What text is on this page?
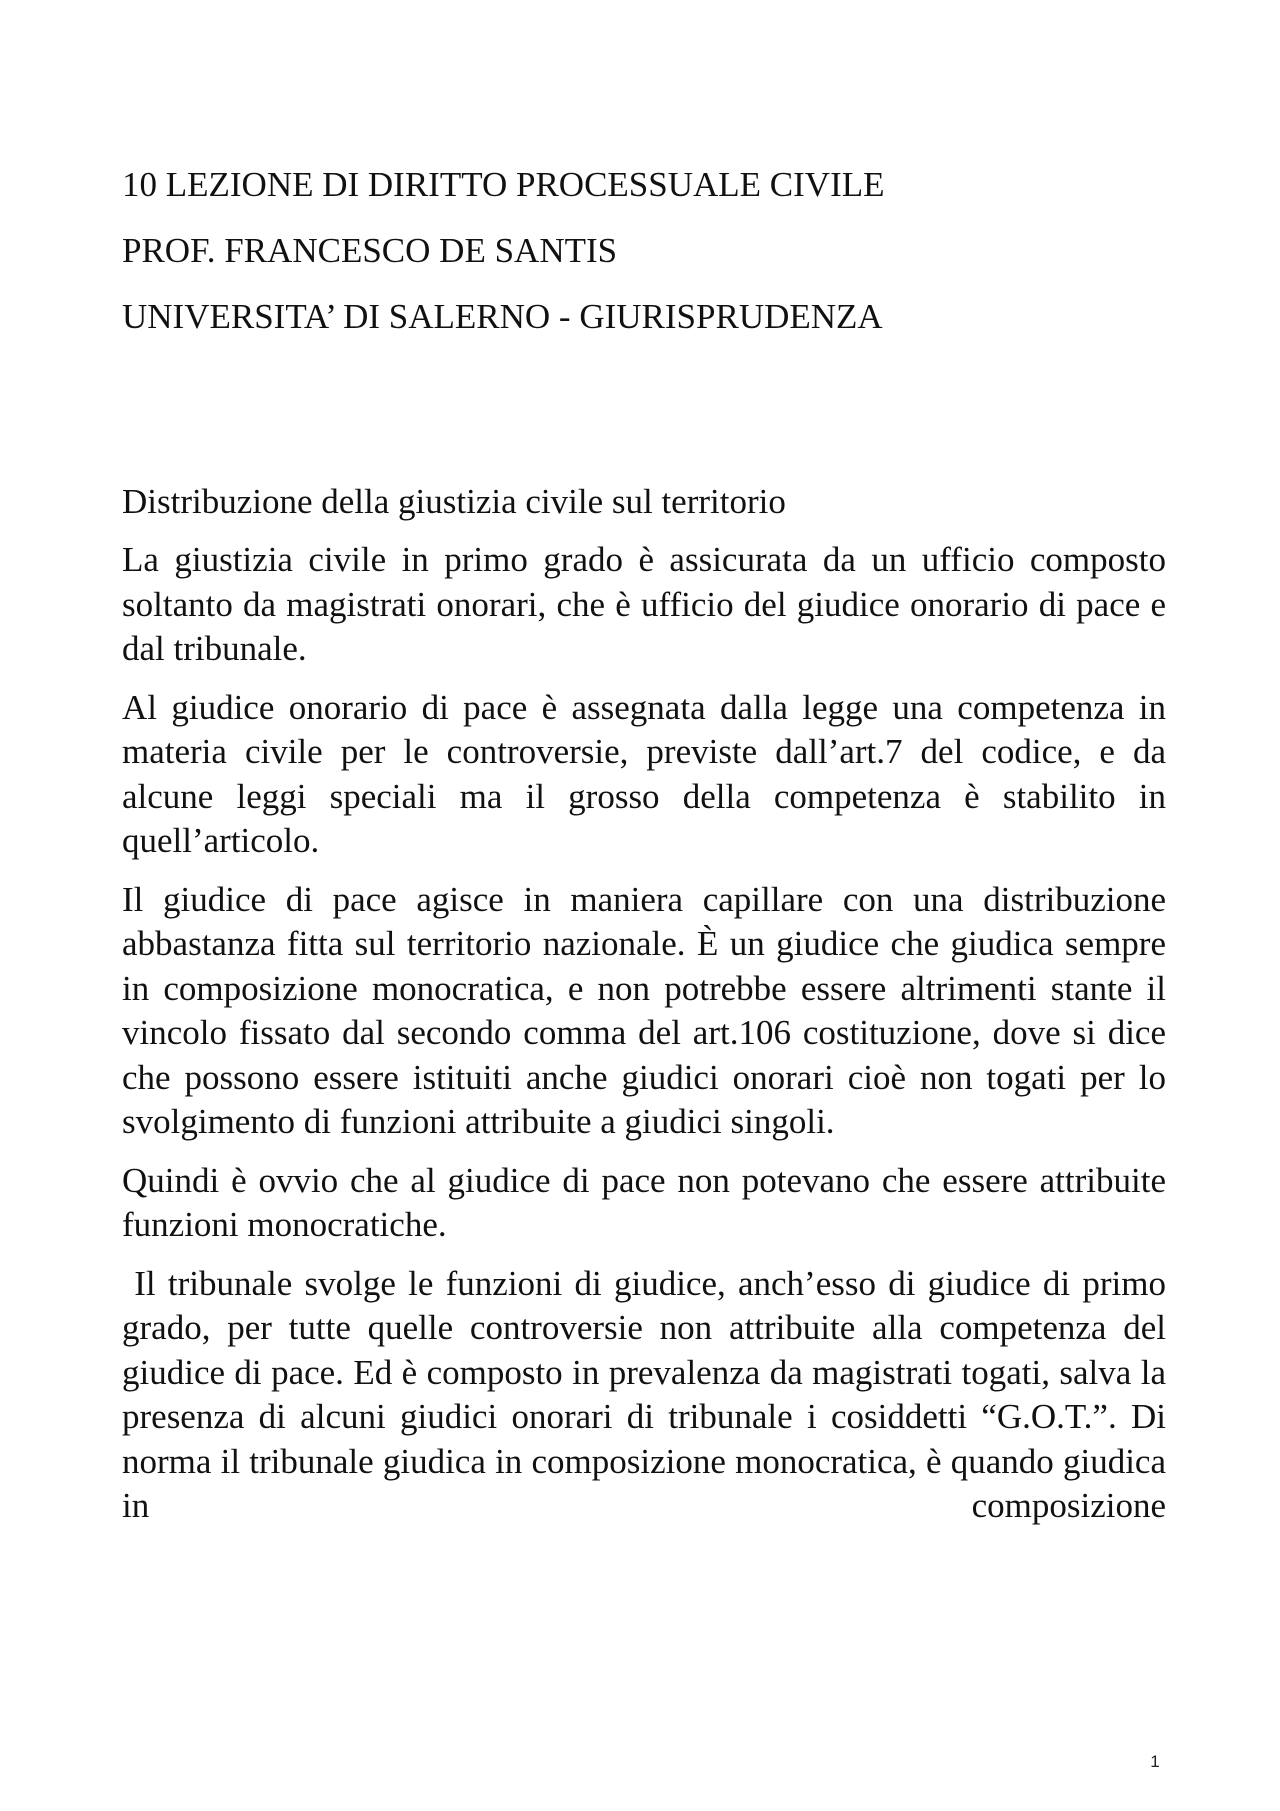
10 LEZIONE DI DIRITTO PROCESSUALE CIVILE

PROF. FRANCESCO DE SANTIS

UNIVERSITA’ DI SALERNO - GIURISPRUDENZA

Distribuzione della giustizia civile sul territorio

La giustizia civile in primo grado è assicurata da un ufficio composto soltanto da magistrati onorari, che è ufficio del giudice onorario di pace e dal tribunale.

Al giudice onorario di pace è assegnata dalla legge una competenza in materia civile per le controversie, previste dall’art.7 del codice, e da alcune leggi speciali ma il grosso della competenza è stabilito in quell’articolo.

Il giudice di pace agisce in maniera capillare con una distribuzione abbastanza fitta sul territorio nazionale. È un giudice che giudica sempre in composizione monocratica, e non potrebbe essere altrimenti stante il vincolo fissato dal secondo comma del art.106 costituzione, dove si dice che possono essere istituiti anche giudici onorari cioè non togati per lo svolgimento di funzioni attribuite a giudici singoli.

Quindi è ovvio che al giudice di pace non potevano che essere attribuite funzioni monocratiche.

Il tribunale svolge le funzioni di giudice, anch’esso di giudice di primo grado, per tutte quelle controversie non attribuite alla competenza del giudice di pace. Ed è composto in prevalenza da magistrati togati, salva la presenza di alcuni giudici onorari di tribunale i cosiddetti “G.O.T.”. Di norma il tribunale giudica in composizione monocratica, è quando giudica in composizione

1
